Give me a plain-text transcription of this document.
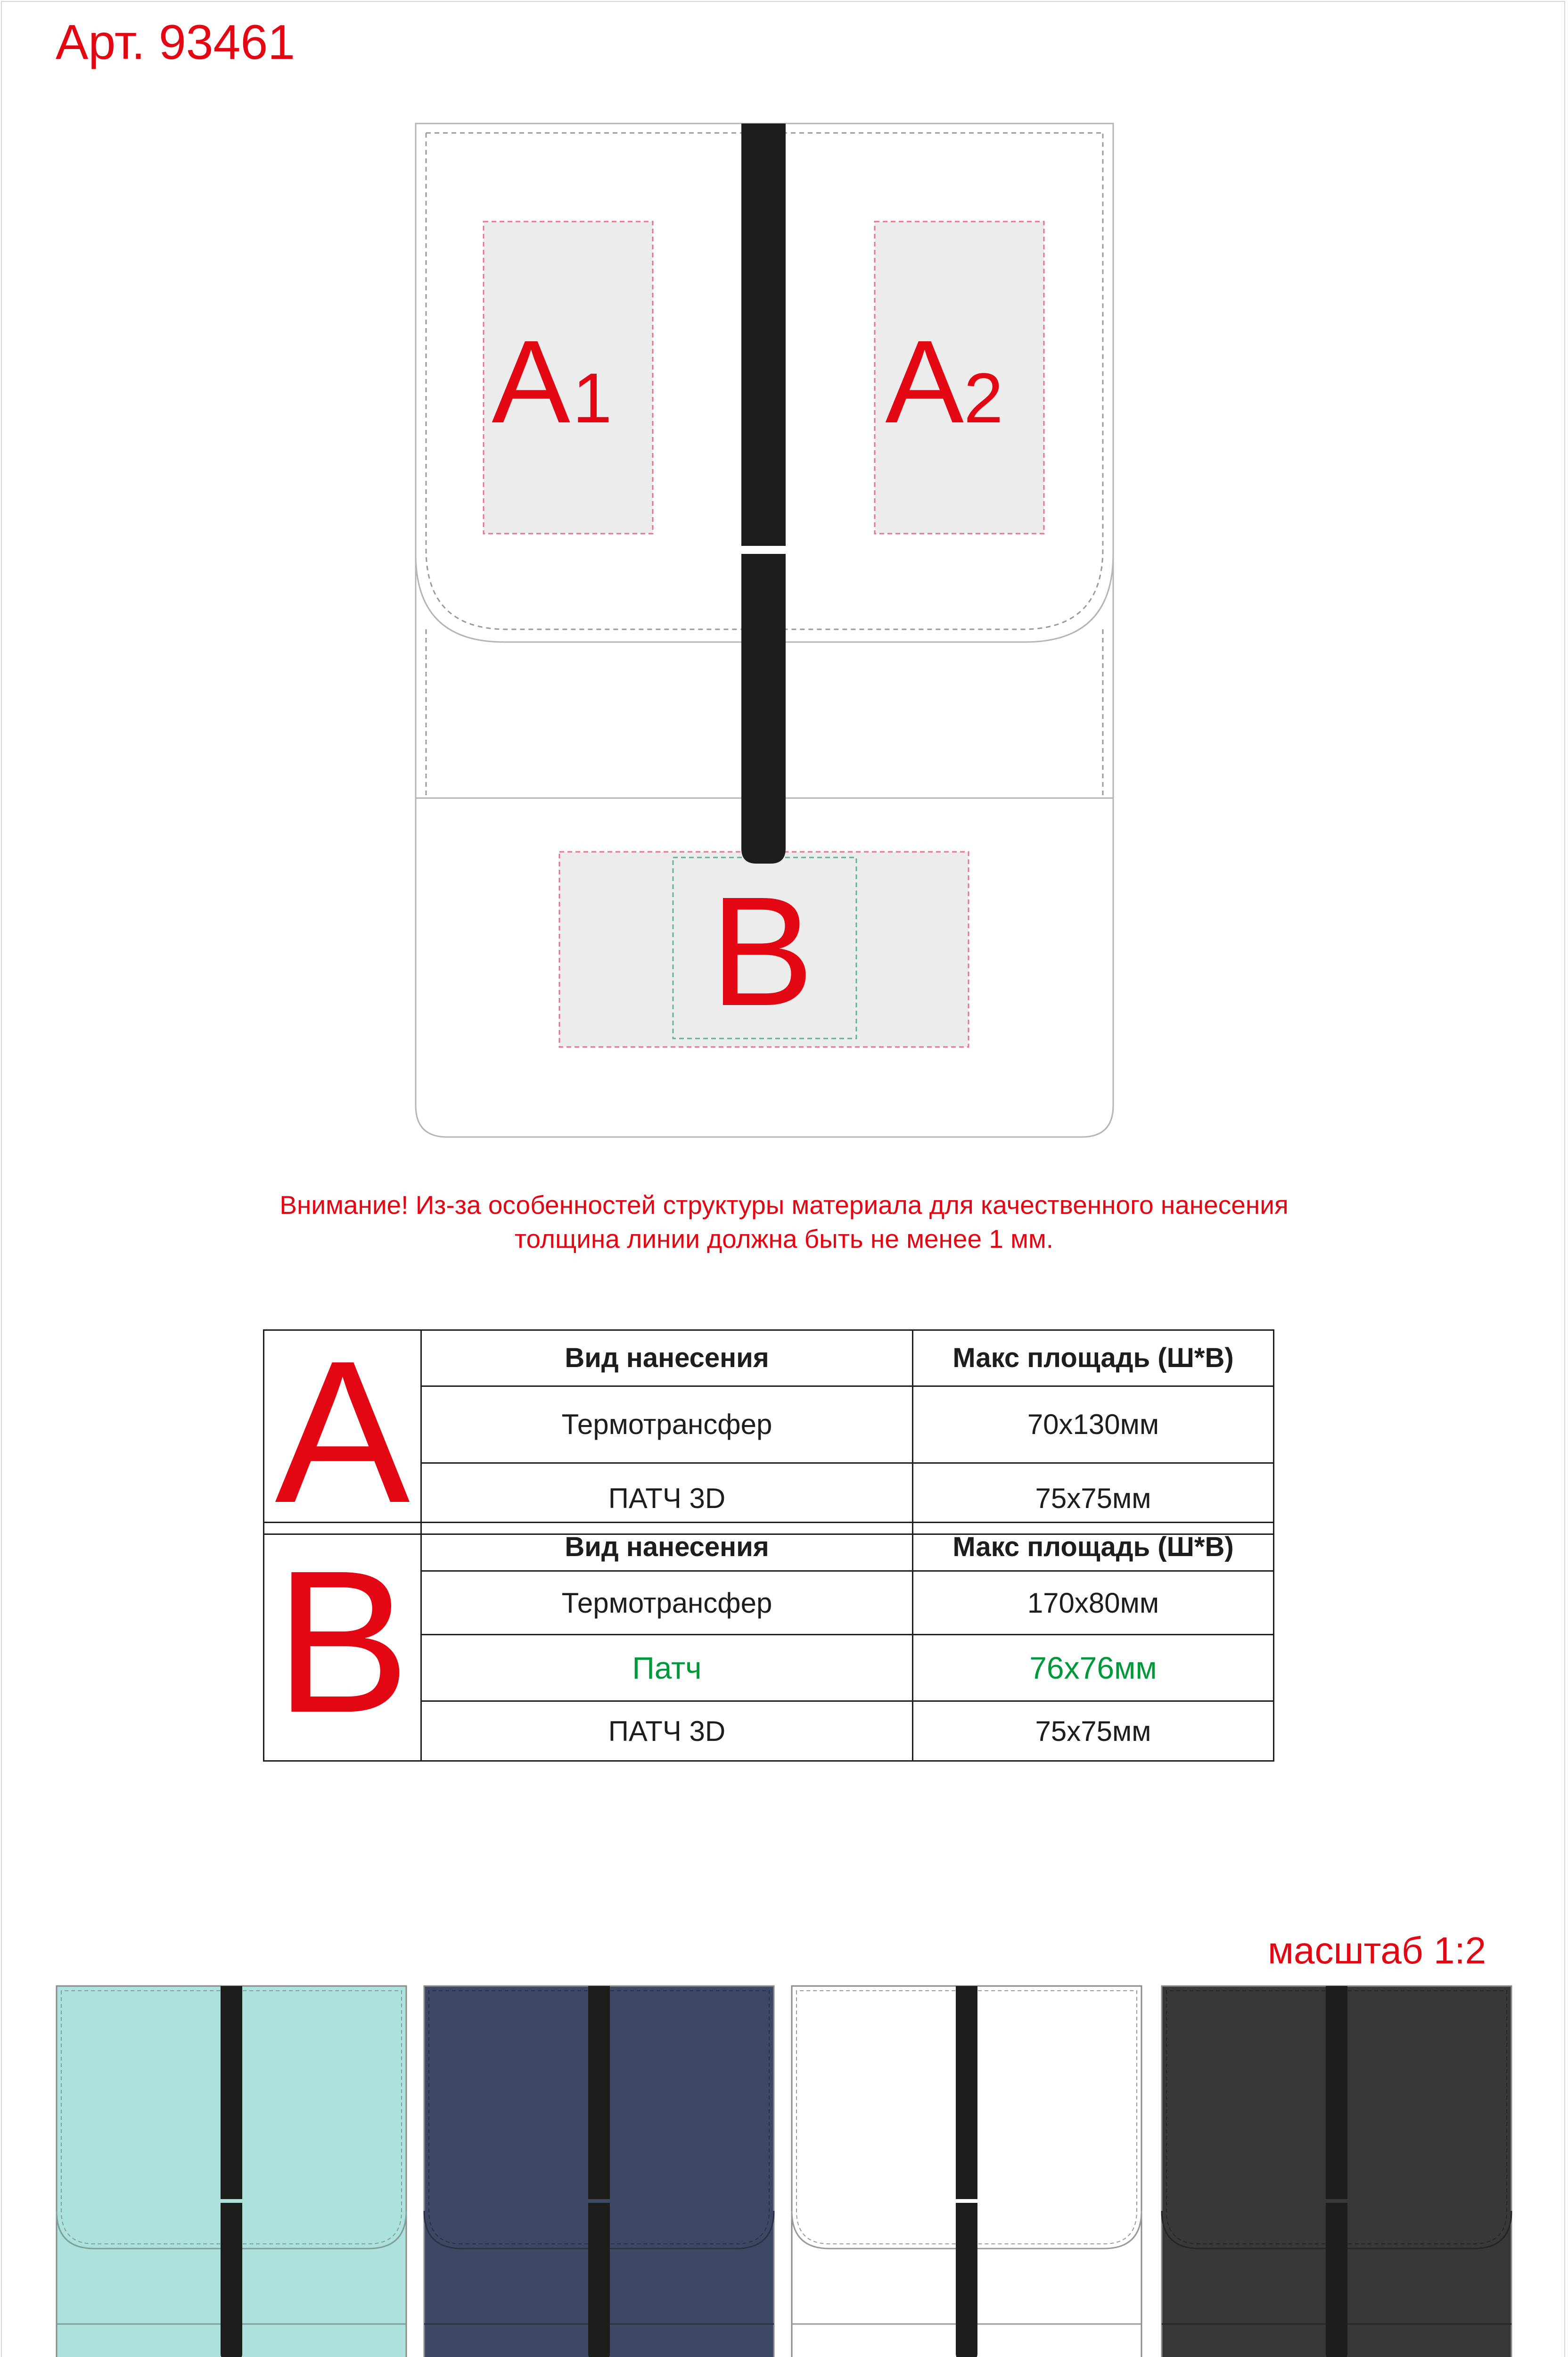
Арт. 93461
A 1 A 2
B
Внимание! Из-за особенностей структуры материала для качественного нанесения
толщина линии должна быть не менее 1 мм.
A	Вид нанесения	Макс площадь (Ш*В)
	Термотрансфер	70х130мм
	ПАТЧ 3D	75х75мм
B	Вид нанесения	Макс площадь (Ш*В)
	Термотрансфер	170х80мм
	Патч	76х76мм
	ПАТЧ 3D	75х75мм
масштаб 1:2
